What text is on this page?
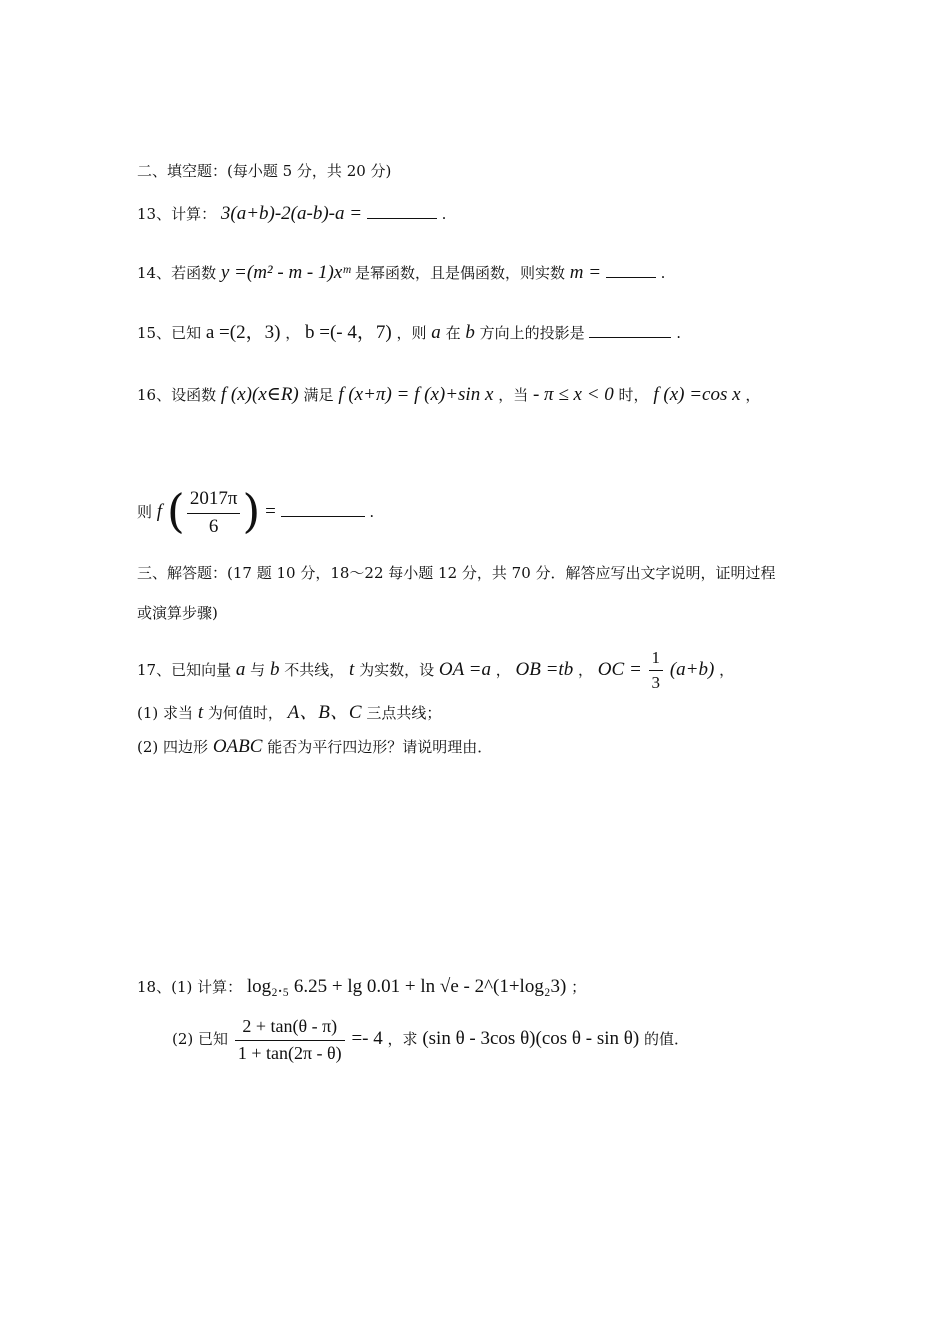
二、填空题：(每小题 5 分，共 20 分)
13、计算： 3(a+b)-2(a-b)-a =	.
14、若函数 y =(m² - m - 1)xᵐ 是幂函数，且是偶函数，则实数 m =	.
15、已知 a =(2，3) ， b =(- 4，7) ，则 a 在 b 方向上的投影是	.
16、设函数 f (x)(x∈R) 满足 f (x+π) = f (x)+sin x ，当 - π ≤ x < 0 时， f (x) =cos x ，
则 f ( $\frac{2017\pi}{6}$ ) =	.
三、解答题：(17 题 10 分，18～22 每小题 12 分，共 70 分．解答应写出文字说明，证明过程
或演算步骤)
17、已知向量 a 与 b 不共线， t 为实数，设 OA =a ， OB =tb ， OC = $\frac{1}{3} (a+b)$ ，
(1) 求当 t 为何值时， A、B、C 三点共线；
(2) 四边形 OABC 能否为平行四边形？请说明理由．
18、(1) 计算： log₂.₅ 6.25 + lg 0.01 + ln √e - 2^(1+log₂3) ；
(2) 已知 $\frac{2 + \tan(\theta - \pi)}{1 + \tan(2\pi - \theta)} =- 4$ ，求 (sin θ - 3cos θ)(cos θ - sin θ) 的值．
